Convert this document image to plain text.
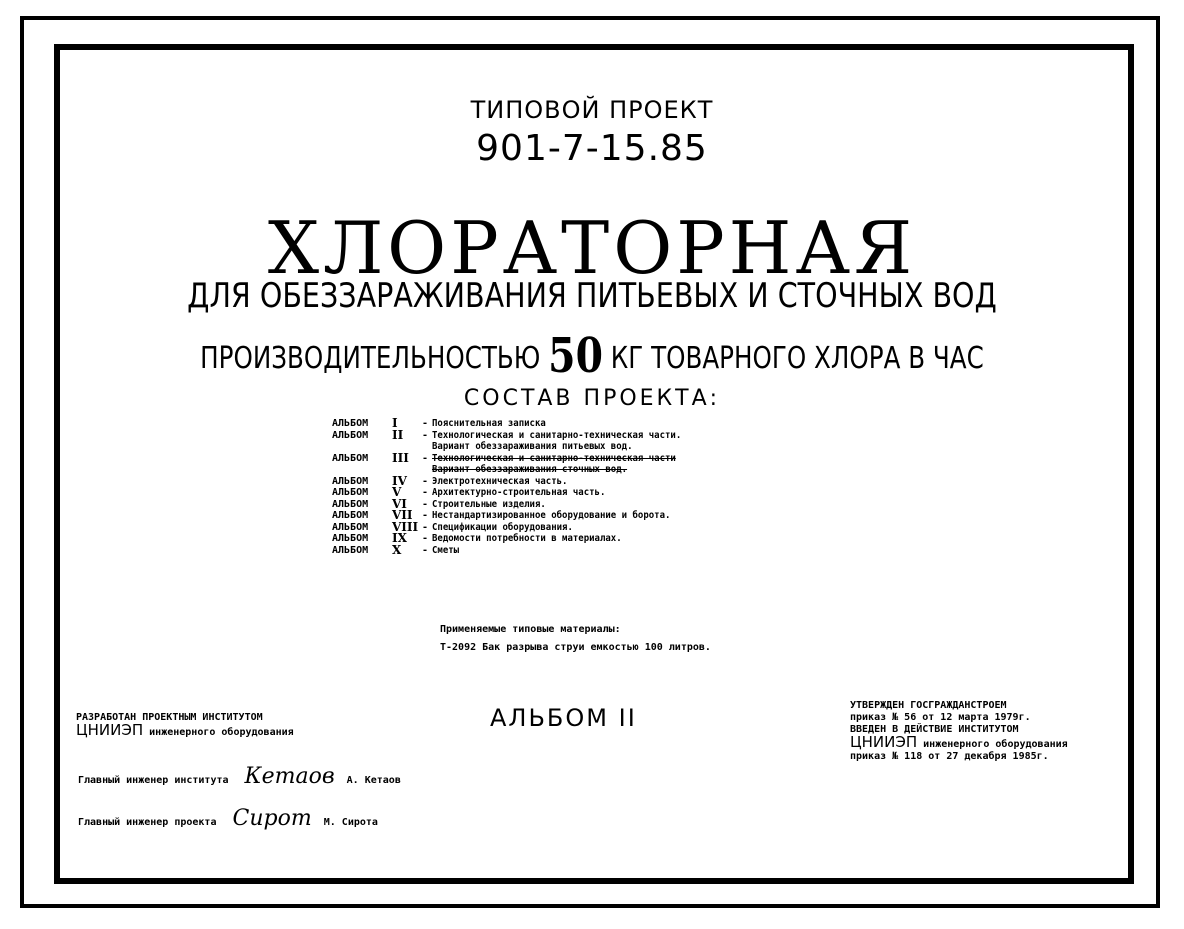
ТИПОВОЙ ПРОЕКТ
901-7-15.85
ХЛОРАТОРНАЯ
ДЛЯ ОБЕЗЗАРАЖИВАНИЯ ПИТЬЕВЫХ И СТОЧНЫХ ВОД
ПРОИЗВОДИТЕЛЬНОСТЬЮ 50 КГ ТОВАРНОГО ХЛОРА В ЧАС
СОСТАВ ПРОЕКТА:
АЛЬБОМ	I	- Пояснительная записка
АЛЬБОМ	II	- Технологическая и санитарно-техническая части.
Вариант обеззараживания питьевых вод.
АЛЬБОМ	III	- Технологическая и санитарно-техническая части
Вариант обеззараживания сточных вод.
АЛЬБОМ	IV	- Электротехническая часть.
АЛЬБОМ	V	- Архитектурно-строительная часть.
АЛЬБОМ	VI	- Строительные изделия.
АЛЬБОМ	VII - Нестандартизированное оборудование и борота.
АЛЬБОМ	VIII - Спецификации оборудования.
АЛЬБОМ	IX	- Ведомости потребности в материалах.
АЛЬБОМ	X	- Сметы
Применяемые типовые материалы:
Т-2092 Бак разрыва струи емкостью 100 литров.
АЛЬБОМ II
РАЗРАБОТАН ПРОЕКТНЫМ ИНСТИТУТОМ
ЦНИИЭП инженерного оборудования
Главный инженер института Кетаов А. Кетаов
Главный инженер проекта Сирот М. Сирота
УТВЕРЖДЕН ГОСГРАЖДАНСТРОЕМ
приказ № 56 от 12 марта 1979г.
ВВЕДЕН В ДЕЙСТВИЕ ИНСТИТУТОМ
ЦНИИЭП инженерного оборудования
приказ № 118 от 27 декабря 1985г.
